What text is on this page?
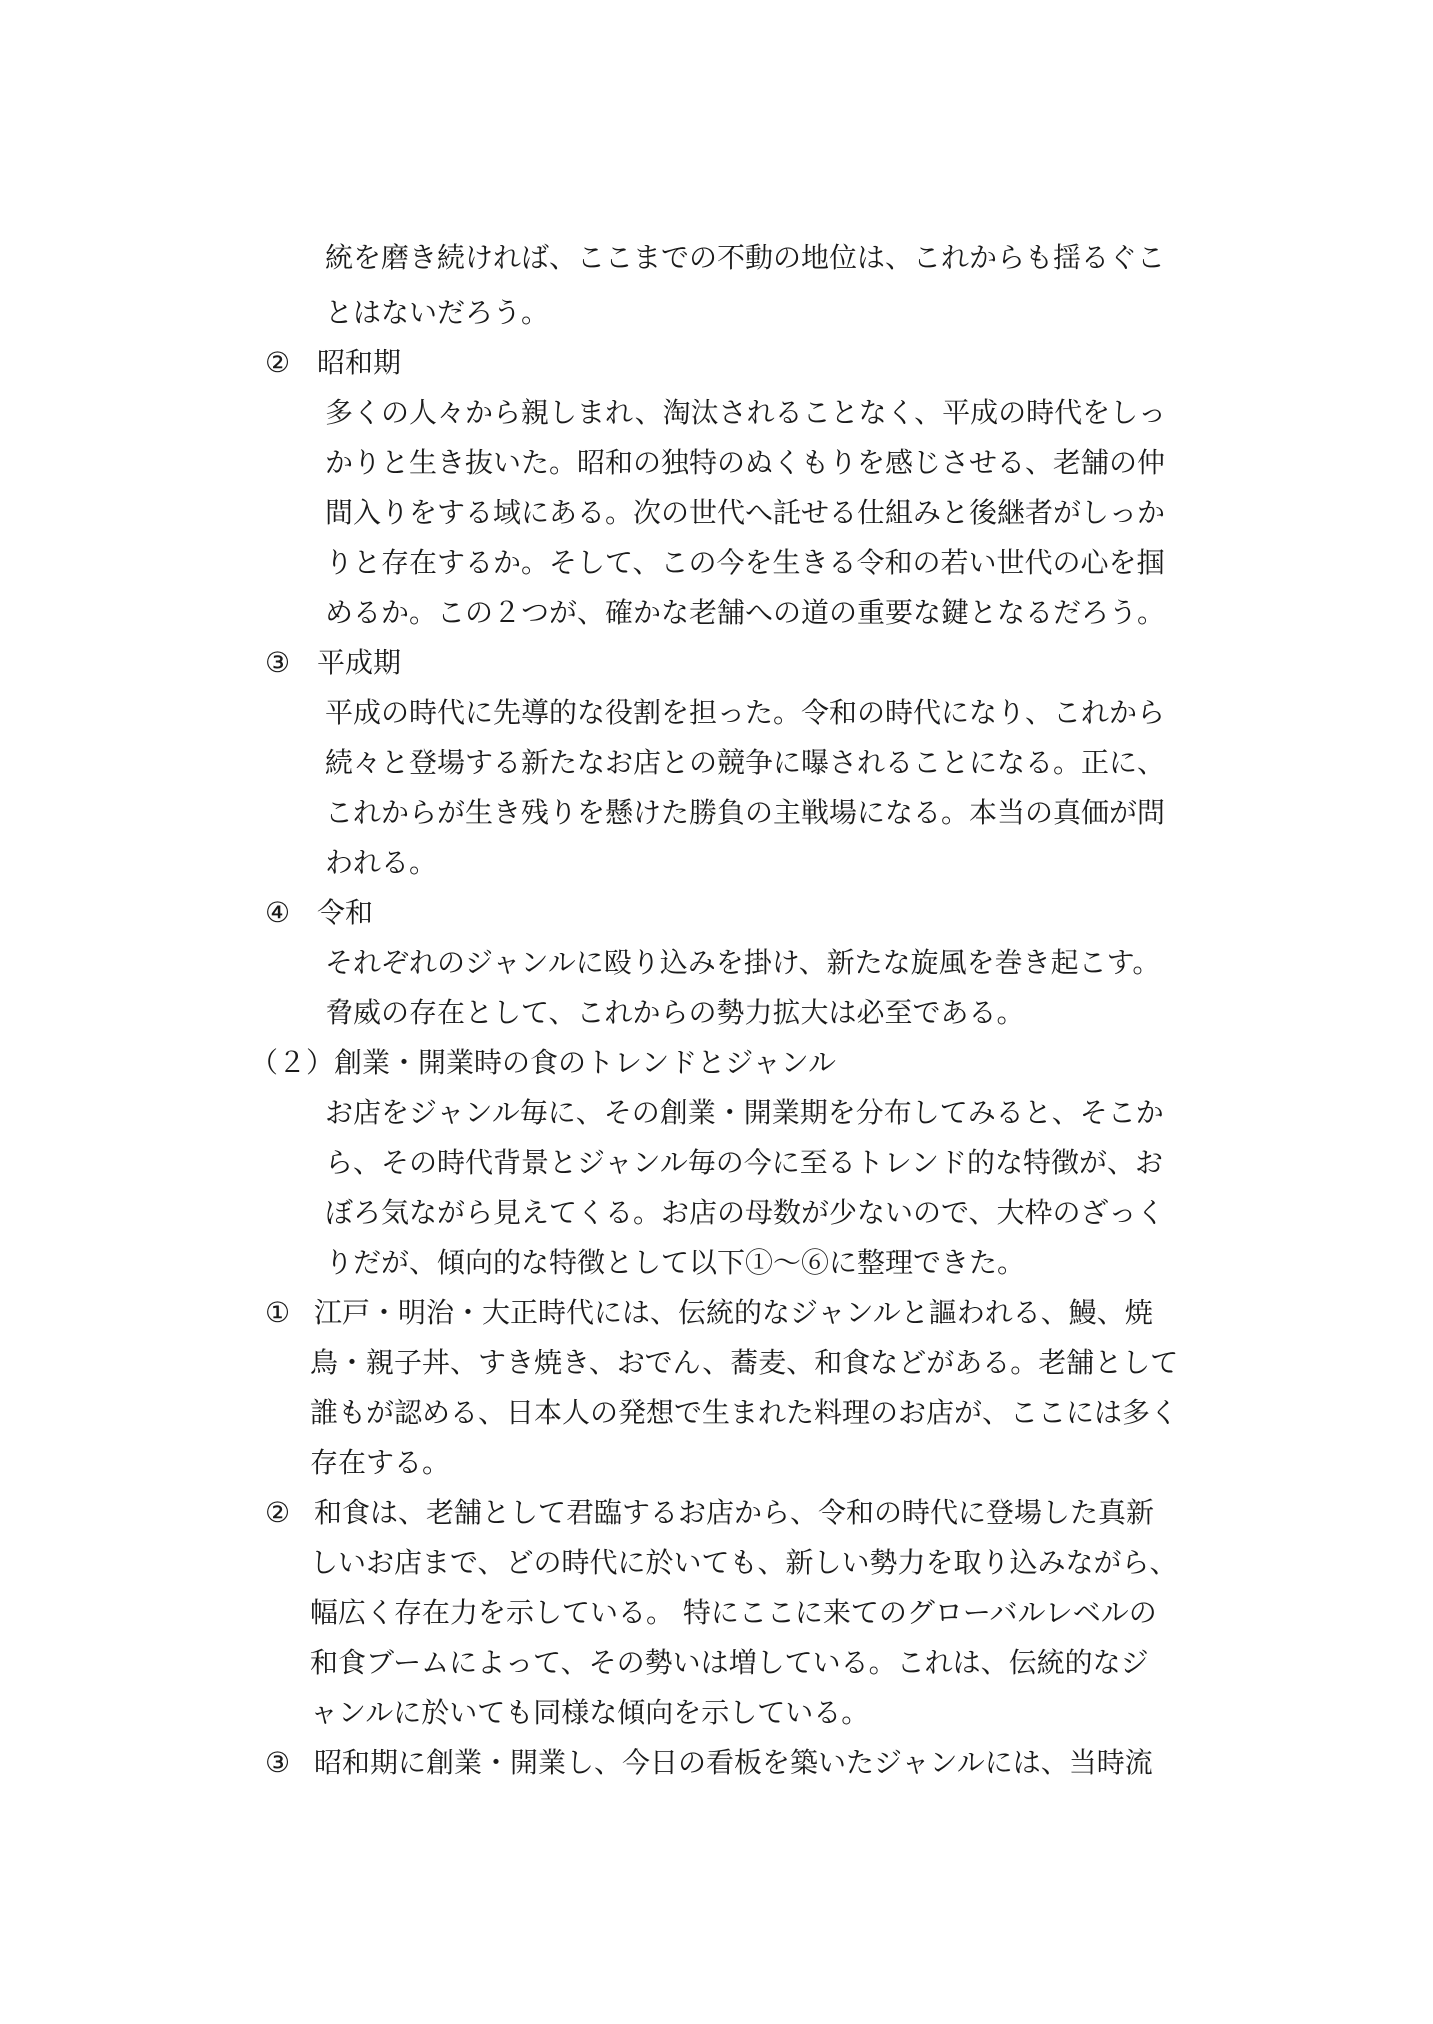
統を磨き続ければ、ここまでの不動の地位は、これからも揺るぐこ
とはないだろう。
② 昭和期
多くの人々から親しまれ、淘汰されることなく、平成の時代をしっ
かりと生き抜いた。昭和の独特のぬくもりを感じさせる、老舗の仲
間入りをする域にある。次の世代へ託せる仕組みと後継者がしっか
りと存在するか。そして、この今を生きる令和の若い世代の心を掴
めるか。この２つが、確かな老舗への道の重要な鍵となるだろう。
③ 平成期
平成の時代に先導的な役割を担った。令和の時代になり、これから
続々と登場する新たなお店との競争に曝されることになる。正に、
これからが生き残りを懸けた勝負の主戦場になる。本当の真価が問
われる。
④ 令和
それぞれのジャンルに殴り込みを掛け、新たな旋風を巻き起こす。
脅威の存在として、これからの勢力拡大は必至である。
（２）創業・開業時の食のトレンドとジャンル
お店をジャンル毎に、その創業・開業期を分布してみると、そこか
ら、その時代背景とジャンル毎の今に至るトレンド的な特徴が、お
ぼろ気ながら見えてくる。お店の母数が少ないので、大枠のざっく
りだが、傾向的な特徴として以下①～⑥に整理できた。
① 江戸・明治・大正時代には、伝統的なジャンルと謳われる、鰻、焼
鳥・親子丼、すき焼き、おでん、蕎麦、和食などがある。老舗として
誰もが認める、日本人の発想で生まれた料理のお店が、ここには多く
存在する。
② 和食は、老舗として君臨するお店から、令和の時代に登場した真新
しいお店まで、どの時代に於いても、新しい勢力を取り込みながら、
幅広く存在力を示している。 特にここに来てのグローバルレベルの
和食ブームによって、その勢いは増している。これは、伝統的なジ
ャンルに於いても同様な傾向を示している。
③ 昭和期に創業・開業し、今日の看板を築いたジャンルには、当時流
